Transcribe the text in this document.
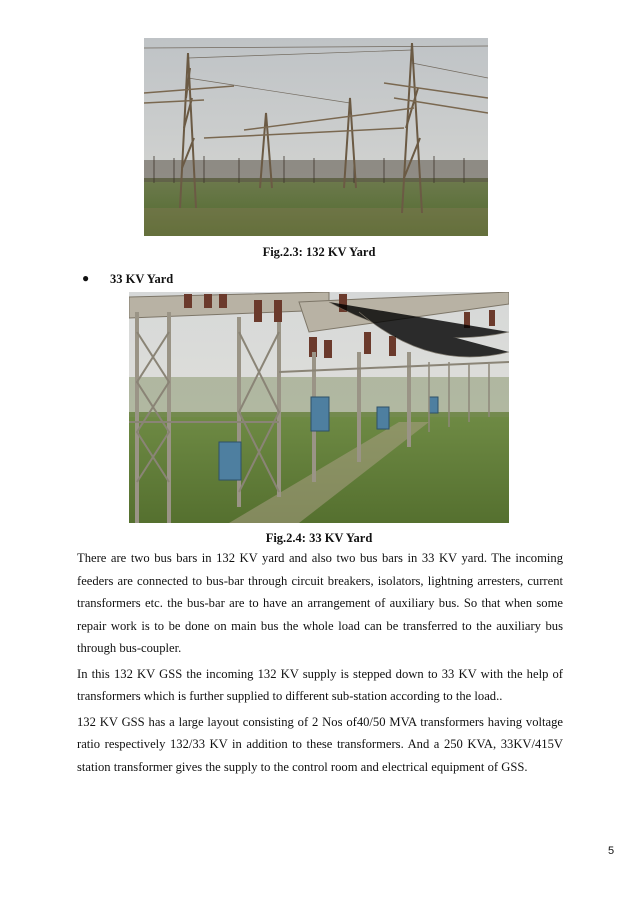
Fig.2.3: 132 KV Yard
● 33 KV Yard
Fig.2.4: 33 KV Yard

There are two bus bars in 132 KV yard and also two bus bars in 33 KV yard. The incoming feeders are connected to bus-bar through circuit breakers, isolators, lightning arresters, current transformers etc. the bus-bar are to have an arrangement of auxiliary bus. So that when some repair work is to be done on main bus the whole load can be transferred to the auxiliary bus through bus-coupler.

In this 132 KV GSS the incoming 132 KV supply is stepped down to 33 KV with the help of transformers which is further supplied to different sub-station according to the load..

132 KV GSS has a large layout consisting of 2 Nos of40/50 MVA transformers having voltage ratio respectively 132/33 KV in addition to these transformers. And a 250 KVA, 33KV/415V station transformer gives the supply to the control room and electrical equipment of GSS.

5
